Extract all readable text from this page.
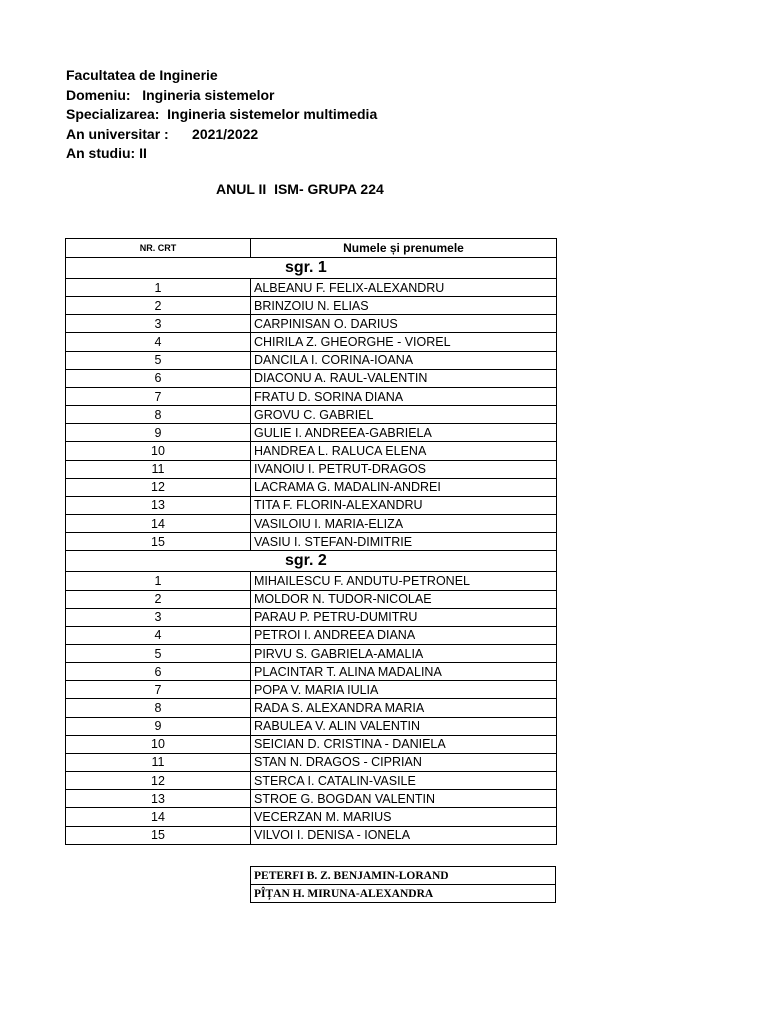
Facultatea de Inginerie
Domeniu:   Ingineria sistemelor
Specializarea:  Ingineria sistemelor multimedia
An universitar :      2021/2022
An studiu: II
ANUL II  ISM- GRUPA 224
NR. CRT	Numele și prenumele
sgr. 1	
1	ALBEANU F. FELIX-ALEXANDRU
2	BRINZOIU N. ELIAS
3	CARPINISAN O. DARIUS
4	CHIRILA Z. GHEORGHE - VIOREL
5	DANCILA I. CORINA-IOANA
6	DIACONU A. RAUL-VALENTIN
7	FRATU D. SORINA DIANA
8	GROVU C. GABRIEL
9	GULIE I. ANDREEA-GABRIELA
10	HANDREA L. RALUCA ELENA
11	IVANOIU I. PETRUT-DRAGOS
12	LACRAMA G. MADALIN-ANDREI
13	TITA F. FLORIN-ALEXANDRU
14	VASILOIU I. MARIA-ELIZA
15	VASIU I. STEFAN-DIMITRIE
sgr. 2	
1	MIHAILESCU F. ANDUTU-PETRONEL
2	MOLDOR N. TUDOR-NICOLAE
3	PARAU P. PETRU-DUMITRU
4	PETROI I. ANDREEA DIANA
5	PIRVU S. GABRIELA-AMALIA
6	PLACINTAR T. ALINA MADALINA
7	POPA V. MARIA IULIA
8	RADA S. ALEXANDRA MARIA
9	RABULEA V. ALIN VALENTIN
10	SEICIAN D. CRISTINA - DANIELA
11	STAN N. DRAGOS - CIPRIAN
12	STERCA I. CATALIN-VASILE
13	STROE G. BOGDAN VALENTIN
14	VECERZAN M. MARIUS
15	VILVOI I. DENISA - IONELA
PETERFI B. Z. BENJAMIN-LORAND
PÎȚAN H. MIRUNA-ALEXANDRA
